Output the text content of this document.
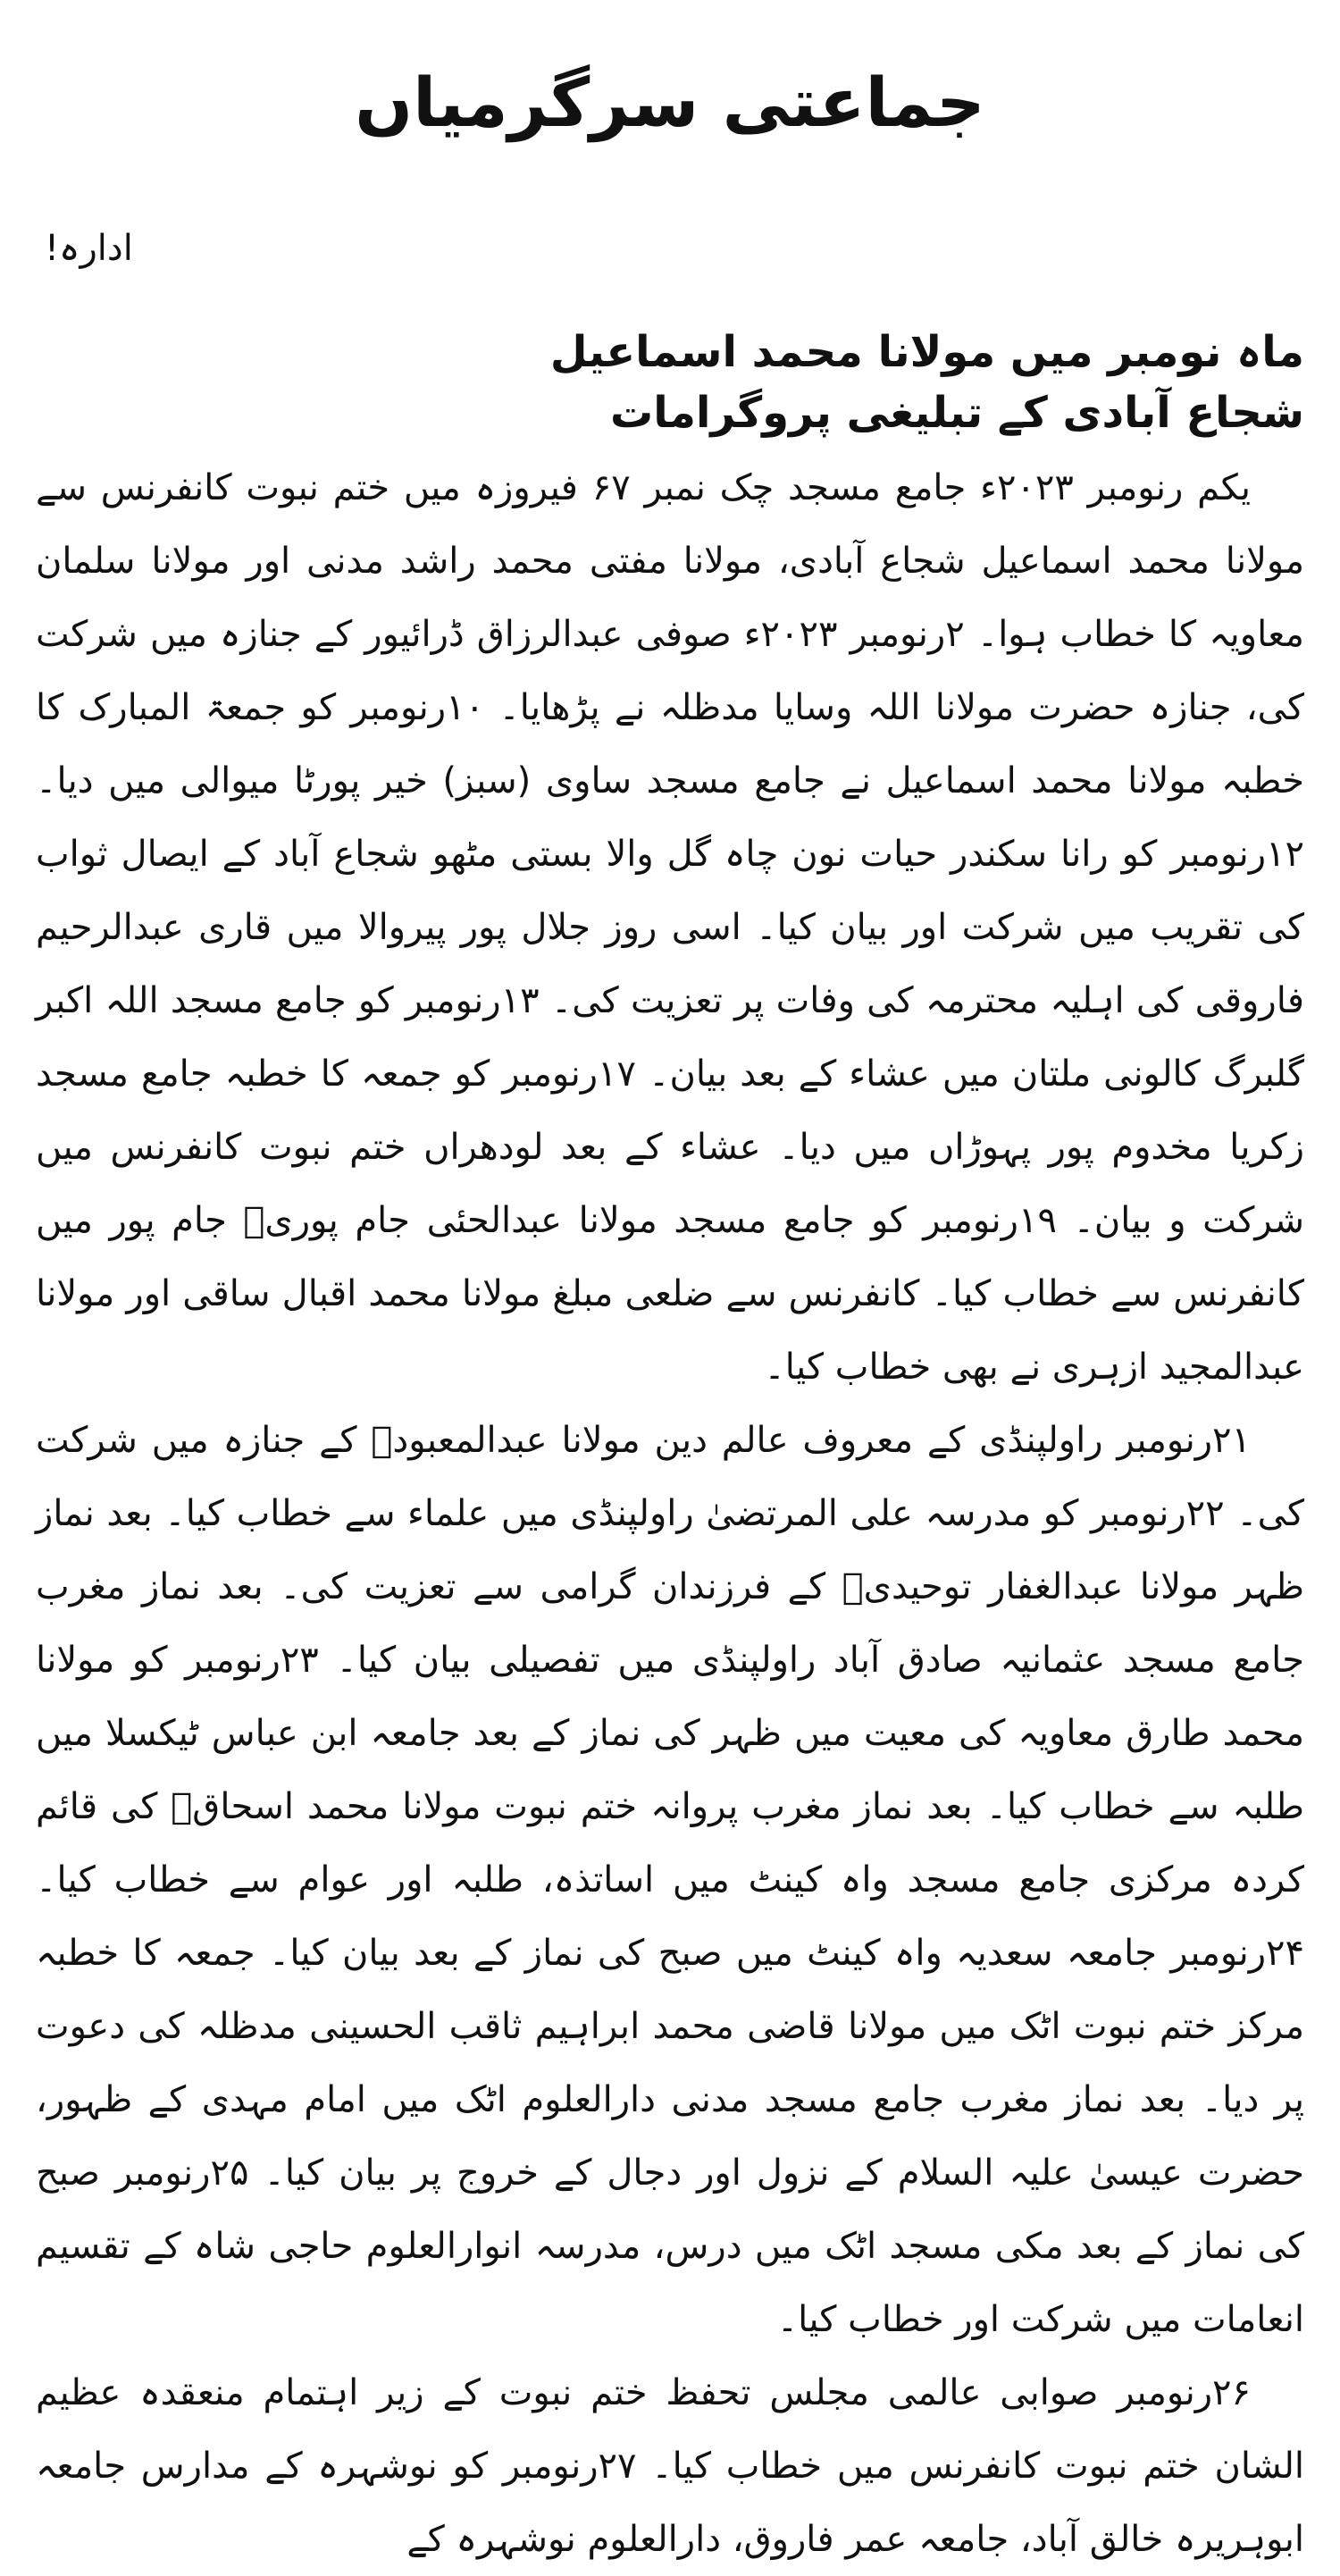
جماعتی سرگرمیاں
ادارہ!
ماہ نومبر میں مولانا محمد اسماعیل شجاع آبادی کے تبلیغی پروگرامات

یکم رنومبر ۲۰۲۳ء جامع مسجد چک نمبر ۶۷ فیروزہ میں ختم نبوت کانفرنس سے مولانا محمد اسماعیل شجاع آبادی، مولانا مفتی محمد راشد مدنی اور مولانا سلمان معاویہ کا خطاب ہوا۔ ۲رنومبر ۲۰۲۳ء صوفی عبدالرزاق ڈرائیور کے جنازہ میں شرکت کی، جنازہ حضرت مولانا اللہ وسایا مدظلہ نے پڑھایا۔ ۱۰رنومبر کو جمعۃ المبارک کا خطبہ مولانا محمد اسماعیل نے جامع مسجد ساوی (سبز) خیر پورٹا میوالی میں دیا۔ ۱۲رنومبر کو رانا سکندر حیات نون چاہ گل والا بستی مٹھو شجاع آباد کے ایصال ثواب کی تقریب میں شرکت اور بیان کیا۔ اسی روز جلال پور پیروالا میں قاری عبدالرحیم فاروقی کی اہلیہ محترمہ کی وفات پر تعزیت کی۔ ۱۳رنومبر کو جامع مسجد اللہ اکبر گلبرگ کالونی ملتان میں عشاء کے بعد بیان۔ ۱۷رنومبر کو جمعہ کا خطبہ جامع مسجد زکریا مخدوم پور پہوڑاں میں دیا۔ عشاء کے بعد لودھراں ختم نبوت کانفرنس میں شرکت و بیان۔ ۱۹رنومبر کو جامع مسجد مولانا عبدالحئی جام پوریؒ جام پور میں کانفرنس سے خطاب کیا۔ کانفرنس سے ضلعی مبلغ مولانا محمد اقبال ساقی اور مولانا عبدالمجید ازہری نے بھی خطاب کیا۔

۲۱رنومبر راولپنڈی کے معروف عالم دین مولانا عبدالمعبودؒ کے جنازہ میں شرکت کی۔ ۲۲رنومبر کو مدرسہ علی المرتضیٰ راولپنڈی میں علماء سے خطاب کیا۔ بعد نماز ظہر مولانا عبدالغفار توحیدیؒ کے فرزندان گرامی سے تعزیت کی۔ بعد نماز مغرب جامع مسجد عثمانیہ صادق آباد راولپنڈی میں تفصیلی بیان کیا۔ ۲۳رنومبر کو مولانا محمد طارق معاویہ کی معیت میں ظہر کی نماز کے بعد جامعہ ابن عباس ٹیکسلا میں طلبہ سے خطاب کیا۔ بعد نماز مغرب پروانہ ختم نبوت مولانا محمد اسحاقؒ کی قائم کردہ مرکزی جامع مسجد واہ کینٹ میں اساتذہ، طلبہ اور عوام سے خطاب کیا۔ ۲۴رنومبر جامعہ سعدیہ واہ کینٹ میں صبح کی نماز کے بعد بیان کیا۔ جمعہ کا خطبہ مرکز ختم نبوت اٹک میں مولانا قاضی محمد ابراہیم ثاقب الحسینی مدظلہ کی دعوت پر دیا۔ بعد نماز مغرب جامع مسجد مدنی دارالعلوم اٹک میں امام مہدی کے ظہور، حضرت عیسیٰ علیہ السلام کے نزول اور دجال کے خروج پر بیان کیا۔ ۲۵رنومبر صبح کی نماز کے بعد مکی مسجد اٹک میں درس، مدرسہ انوارالعلوم حاجی شاہ کے تقسیم انعامات میں شرکت اور خطاب کیا۔

۲۶رنومبر صوابی عالمی مجلس تحفظ ختم نبوت کے زیر اہتمام منعقدہ عظیم الشان ختم نبوت کانفرنس میں خطاب کیا۔ ۲۷رنومبر کو نوشہرہ کے مدارس جامعہ ابوہریرہ خالق آباد، جامعہ عمر فاروق، دارالعلوم نوشہرہ کے
